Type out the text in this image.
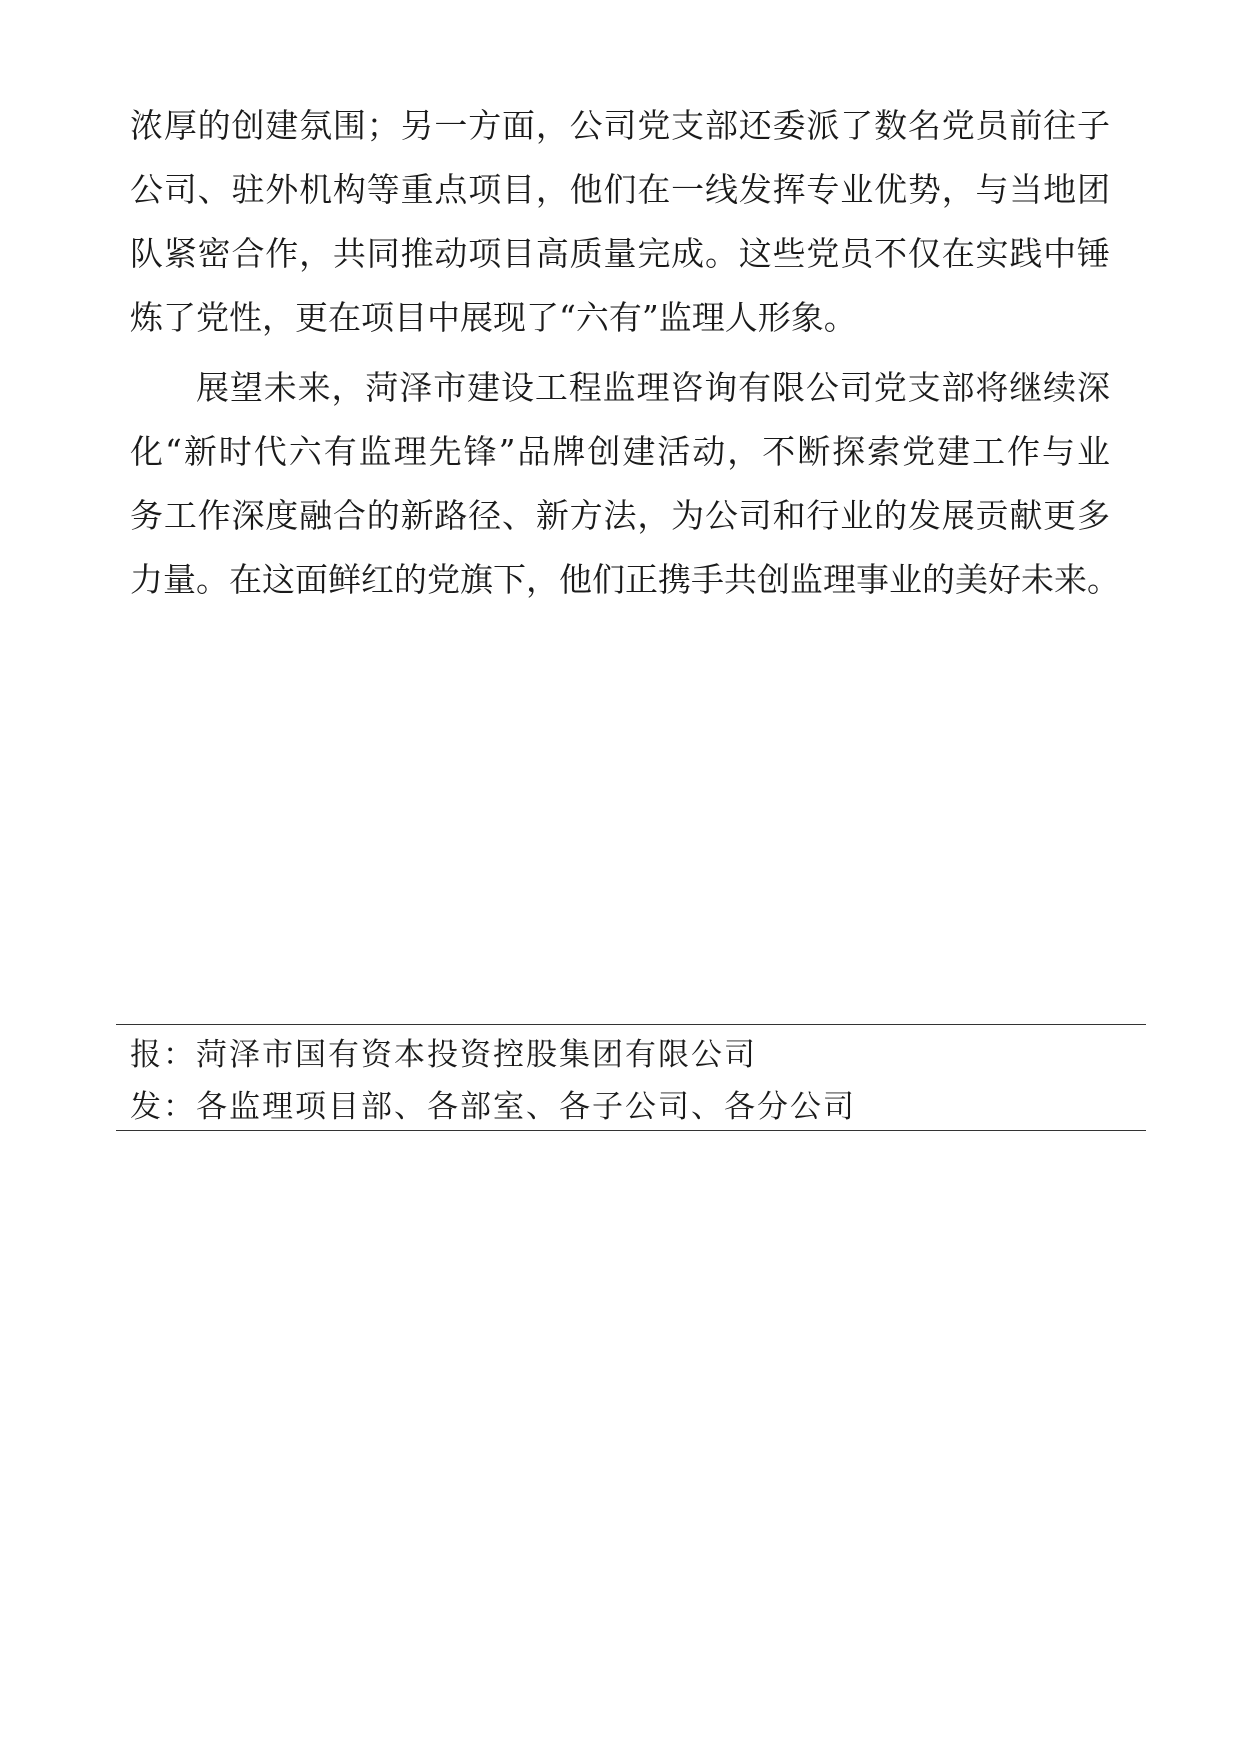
浓厚的创建氛围；另一方面，公司党支部还委派了数名党员前往子
公司、驻外机构等重点项目，他们在一线发挥专业优势，与当地团
队紧密合作，共同推动项目高质量完成。这些党员不仅在实践中锤
炼了党性，更在项目中展现了“六有”监理人形象。
展望未来，菏泽市建设工程监理咨询有限公司党支部将继续深
化“新时代六有监理先锋”品牌创建活动，不断探索党建工作与业
务工作深度融合的新路径、新方法，为公司和行业的发展贡献更多
力量。在这面鲜红的党旗下，他们正携手共创监理事业的美好未来。
报：菏泽市国有资本投资控股集团有限公司
发：各监理项目部、各部室、各子公司、各分公司
